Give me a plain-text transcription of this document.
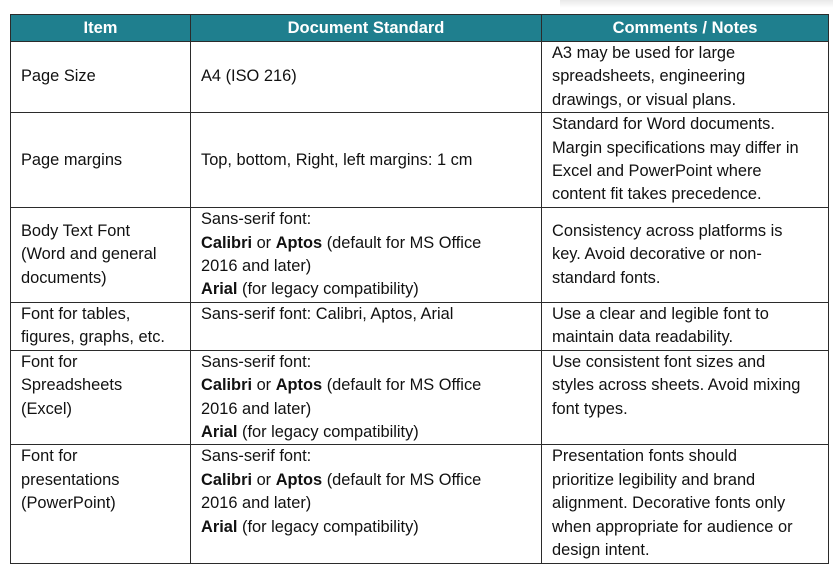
Item	Document Standard	Comments / Notes

Page Size	A4 (ISO 216)	A3 may be used for large
spreadsheets, engineering
drawings, or visual plans.

Page margins	Top, bottom, Right, left margins: 1 cm	Standard for Word documents.
Margin specifications may differ in
Excel and PowerPoint where
content fit takes precedence.

Body Text Font
(Word and general
documents)	Sans-serif font:
Calibri or Aptos (default for MS Office
2016 and later)
Arial (for legacy compatibility)	Consistency across platforms is
key. Avoid decorative or non-
standard fonts.

Font for tables,
figures, graphs, etc.	Sans-serif font: Calibri, Aptos, Arial	Use a clear and legible font to
maintain data readability.

Font for
Spreadsheets
(Excel)	Sans-serif font:
Calibri or Aptos (default for MS Office
2016 and later)
Arial (for legacy compatibility)	Use consistent font sizes and
styles across sheets. Avoid mixing
font types.

Font for
presentations
(PowerPoint)	Sans-serif font:
Calibri or Aptos (default for MS Office
2016 and later)
Arial (for legacy compatibility)	Presentation fonts should
prioritize legibility and brand
alignment. Decorative fonts only
when appropriate for audience or
design intent.
